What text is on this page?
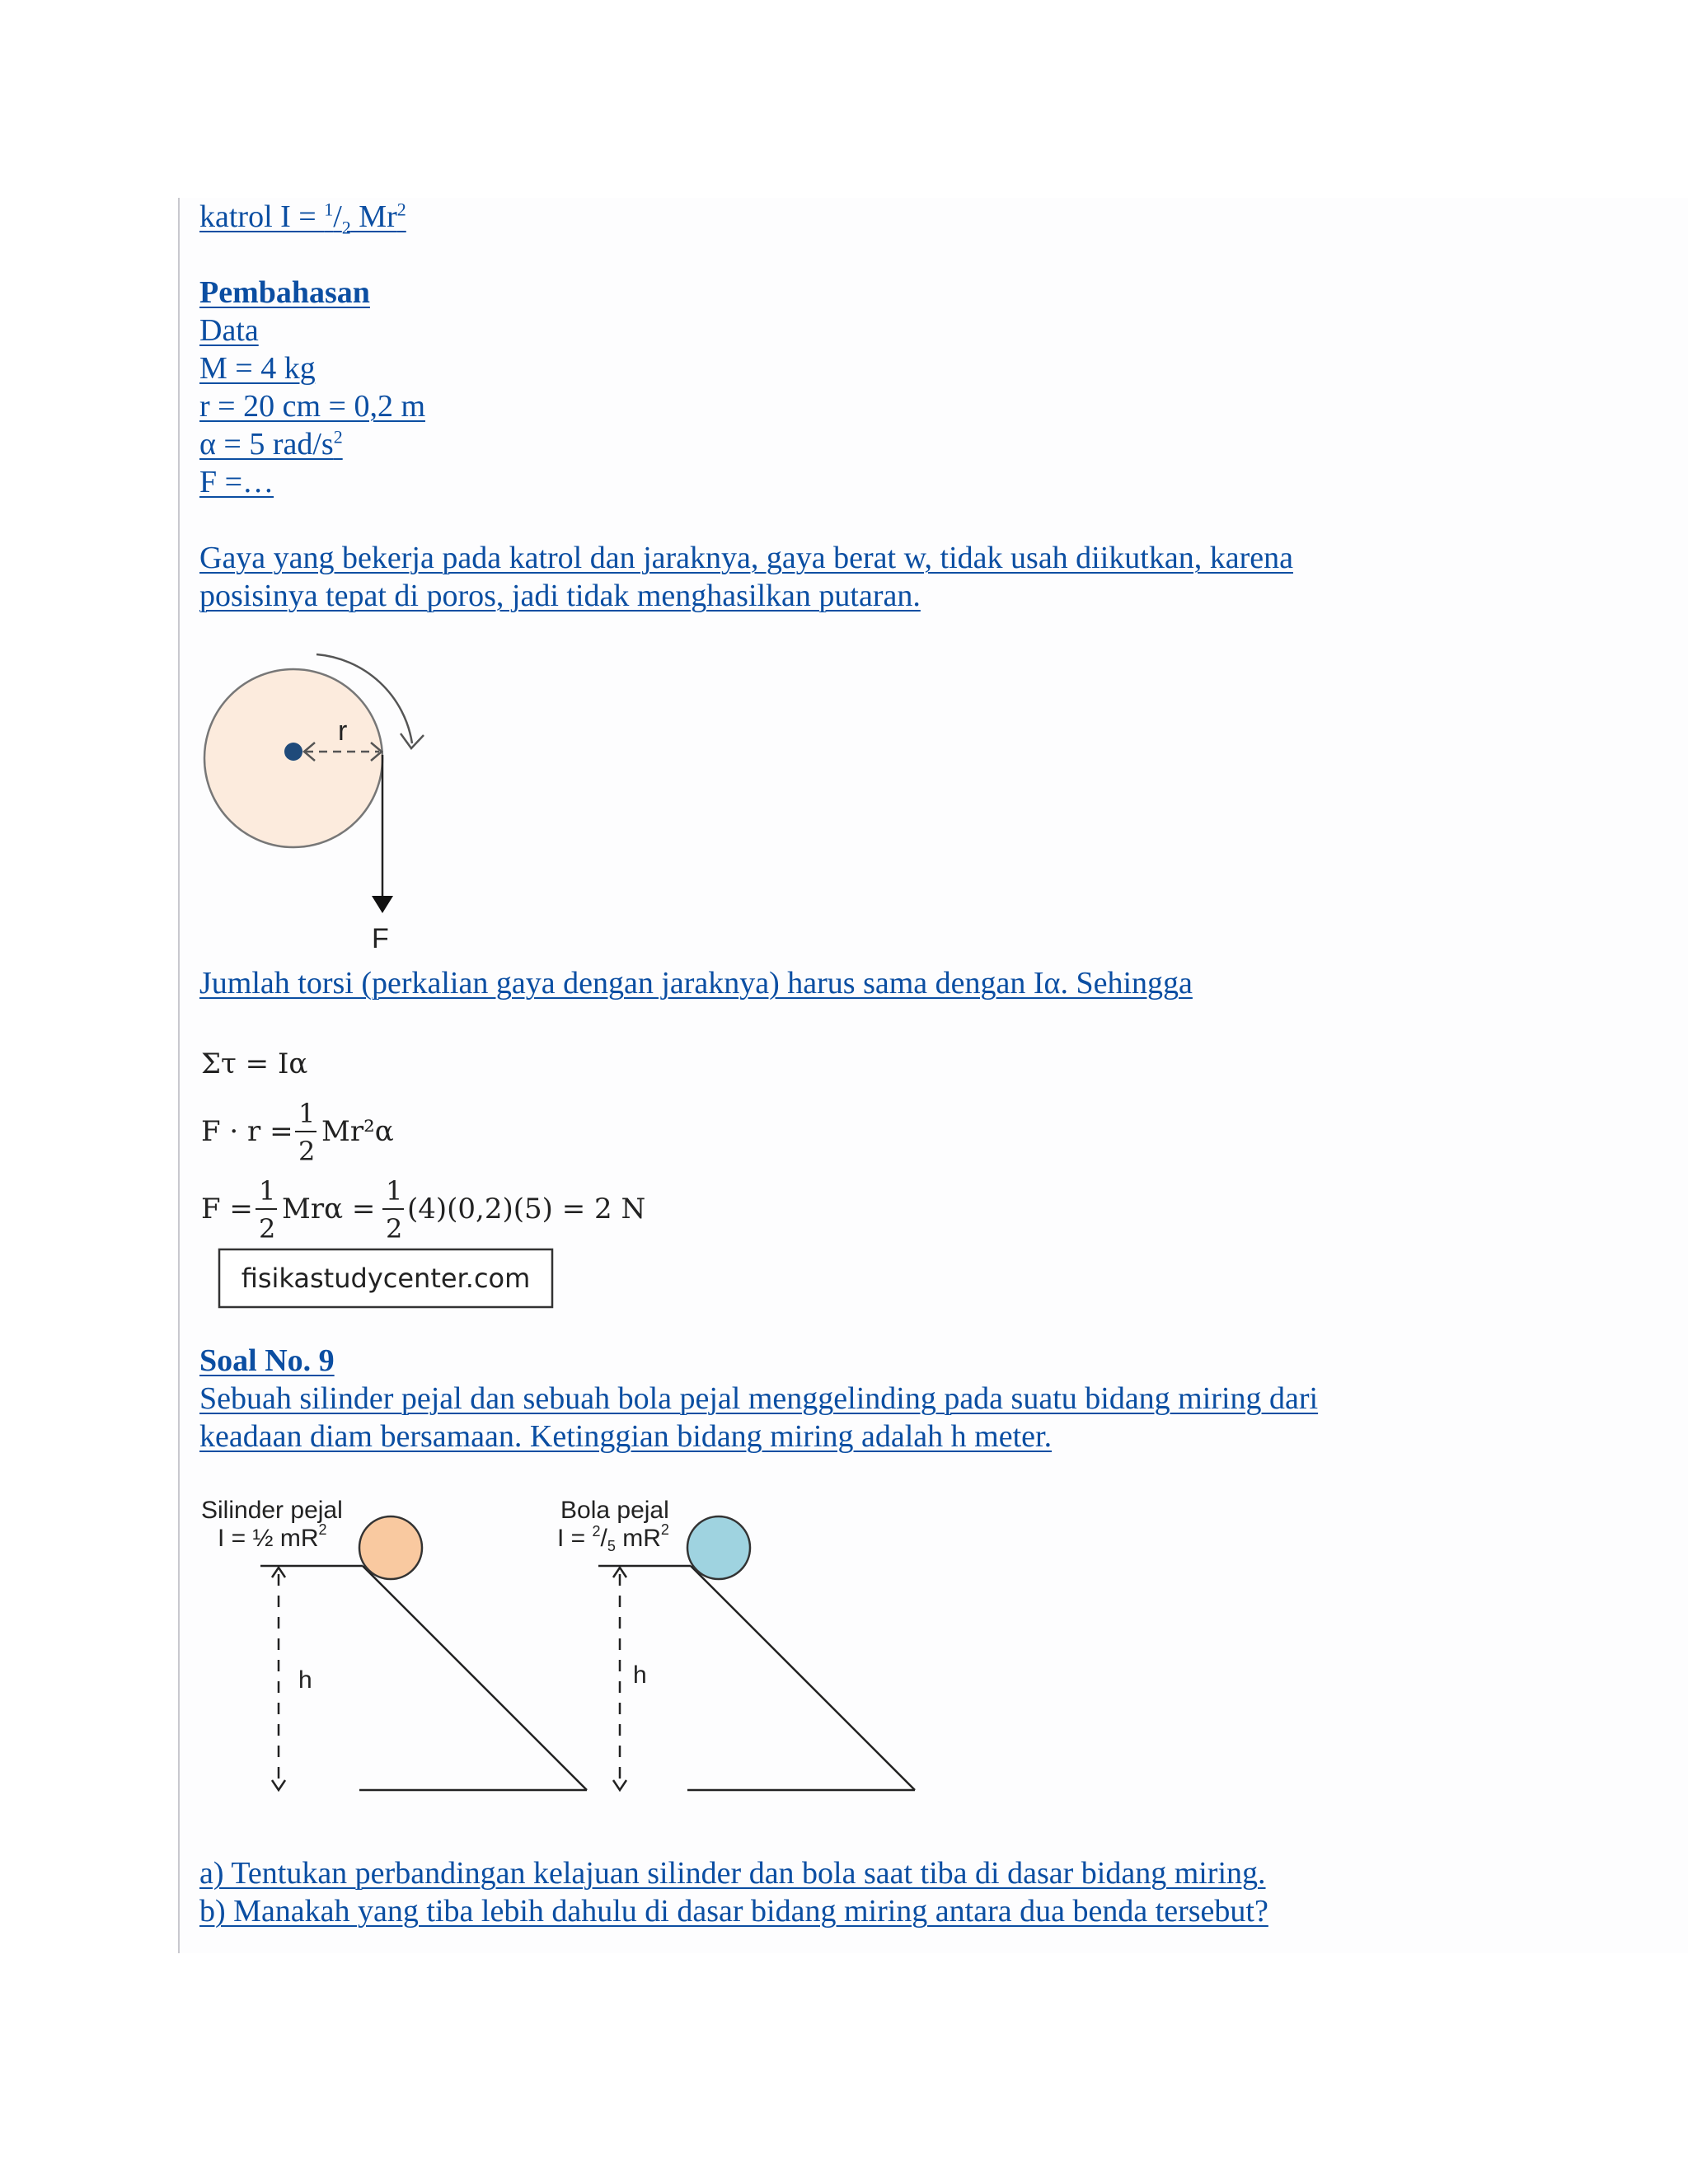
katrol $I = ^1/_2$ Mr$^2$

Pembahasan

Data

M = 4 kg

r = 20 cm = 0,2 m

α = 5 rad/$s^2$

F =…

Gaya yang bekerja pada katrol dan jaraknya, gaya berat w, tidak usah diikutkan, karena

posisinya tepat di poros, jadi tidak menghasilkan putaran.

r
F

Jumlah torsi (perkalian gaya dengan jaraknya) harus sama dengan Iα. Sehingga

Στ = Iα
F · r =
1
2
Mr²α
F =
1
2
Mrα =
1
2
(4)(0,2)(5) = 2 N
fisikastudycenter.com

Soal No. 9

Sebuah silinder pejal dan sebuah bola pejal menggelinding pada suatu bidang miring dari

keadaan diam bersamaan. Ketinggian bidang miring adalah h meter.

Silinder pejal
I = ½ $mR^2$
h
Bola pejal
$I = ^2/_5$ $mR^2$
h

a) Tentukan perbandingan kelajuan silinder dan bola saat tiba di dasar bidang miring.

b) Manakah yang tiba lebih dahulu di dasar bidang miring antara dua benda tersebut?
